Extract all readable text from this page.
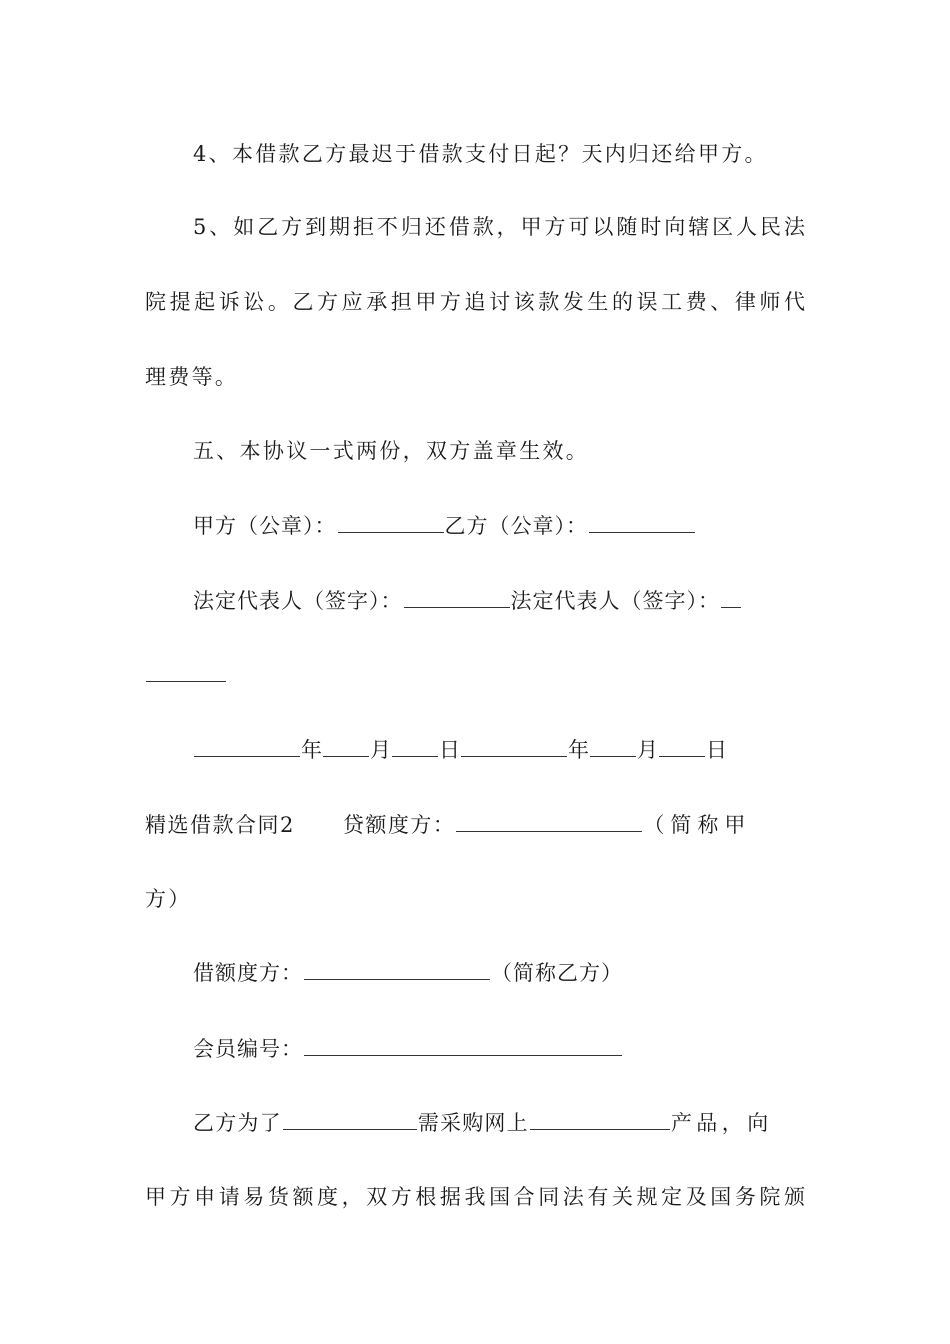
4、本借款乙方最迟于借款支付日起？天内归还给甲方。
5、如乙方到期拒不归还借款，甲方可以随时向辖区人民法
院提起诉讼。乙方应承担甲方追讨该款发生的误工费、律师代
理费等。
五、本协议一式两份，双方盖章生效。
甲方（公章）：	乙方（公章）：
法定代表人（签字）：	法定代表人（签字）：
年 月 日	年 月 日
精选借款合同2 贷额度方：	（简称甲
方）
借额度方：	（简称乙方）
会员编号：
乙方为了	需采购网上	产品，向
甲方申请易货额度，双方根据我国合同法有关规定及国务院颁
